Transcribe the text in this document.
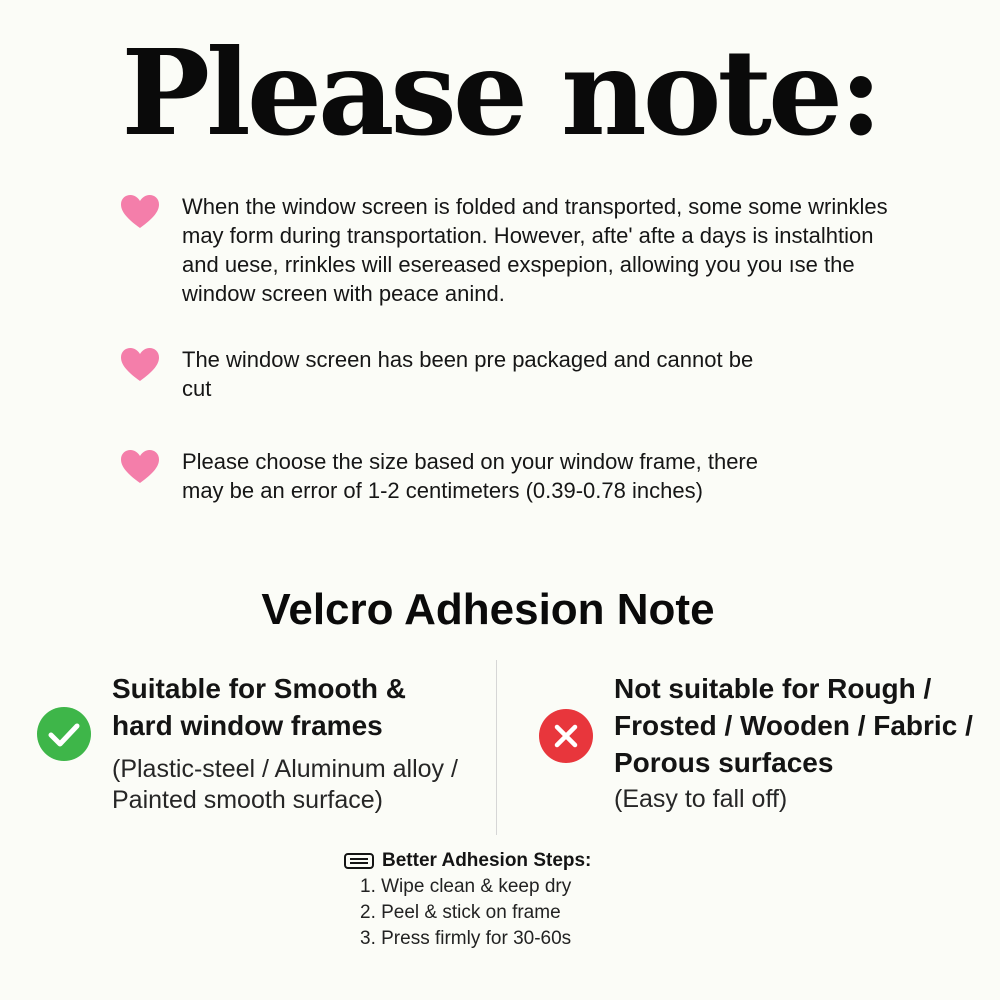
Please note:
When the window screen is folded and transported, some some wrinkles may form during transportation. However, afte' afte a days is instalhtion and uese, rrinkles will esereased exspepion, allowing you you ıse the window screen with peace anind.
The window screen has been pre packaged and cannot be cut
Please choose the size based on your window frame, there may be an error of 1-2 centimeters (0.39-0.78 inches)
Velcro Adhesion Note
Suitable for Smooth & hard window frames
(Plastic-steel / Aluminum alloy / Painted smooth surface)
Not suitable for Rough / Frosted / Wooden / Fabric / Porous surfaces
(Easy to fall off)
Better Adhesion Steps:
1. Wipe clean & keep dry
2. Peel & stick on frame
3. Press firmly for 30-60s
